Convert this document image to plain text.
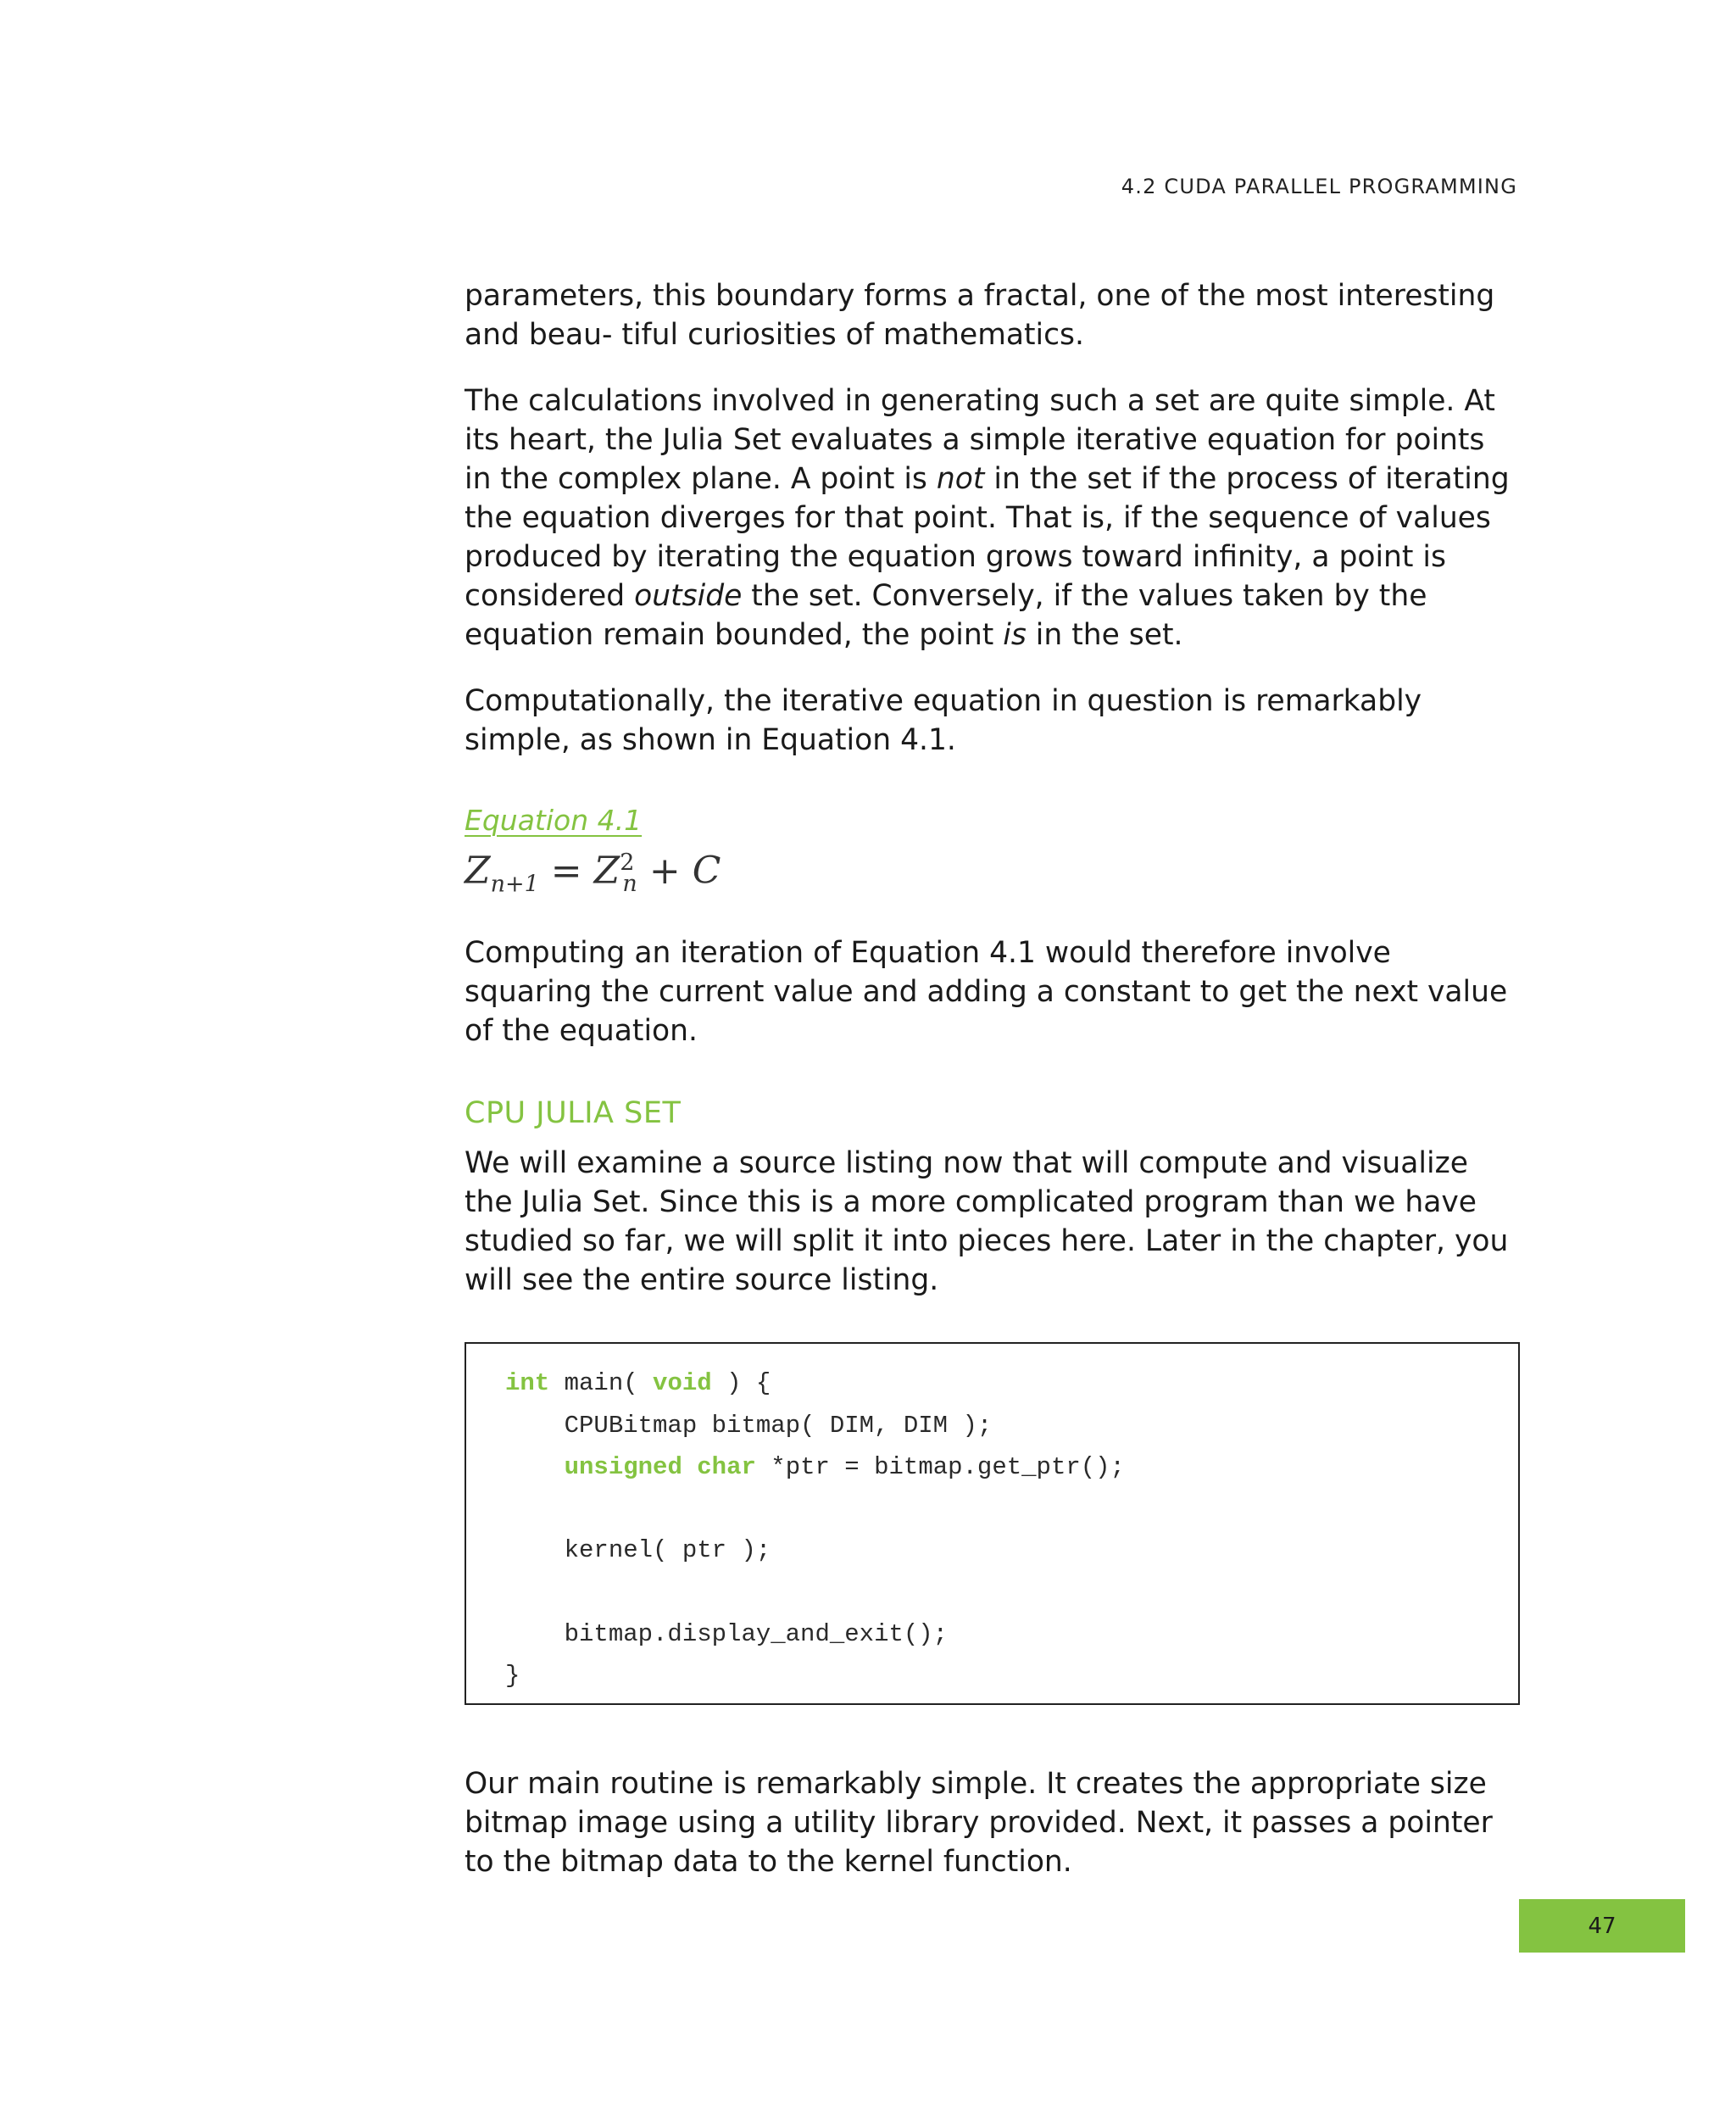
4.2 CUDA PARALLEL PROGRAMMING

parameters, this boundary forms a fractal, one of the most interesting and beau- tiful curiosities of mathematics.

The calculations involved in generating such a set are quite simple. At its heart, the Julia Set evaluates a simple iterative equation for points in the complex plane. A point is not in the set if the process of iterating the equation diverges for that point. That is, if the sequence of values produced by iterating the equation grows toward infinity, a point is considered outside the set. Conversely, if the values taken by the equation remain bounded, the point is in the set.

Computationally, the iterative equation in question is remarkably simple, as shown in Equation 4.1.

Equation 4.1
$Z_{n+1} = Z^2_n + C$

Computing an iteration of Equation 4.1 would therefore involve squaring the current value and adding a constant to get the next value of the equation.

CPU JULIA SET

We will examine a source listing now that will compute and visualize the Julia Set. Since this is a more complicated program than we have studied so far, we will split it into pieces here. Later in the chapter, you will see the entire source listing.

int main( void ) {
CPUBitmap bitmap( DIM, DIM );
unsigned char *ptr = bitmap.get_ptr();
kernel( ptr );
bitmap.display_and_exit();
}

Our main routine is remarkably simple. It creates the appropriate size bitmap image using a utility library provided. Next, it passes a pointer to the bitmap data to the kernel function.

47
